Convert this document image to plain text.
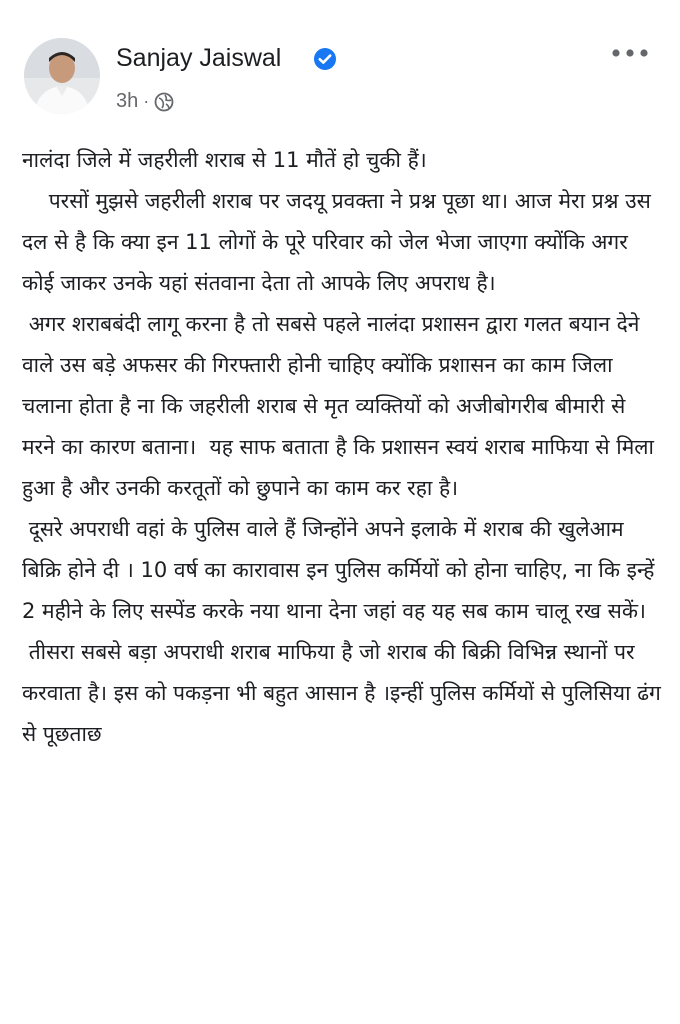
Sanjay Jaiswal
3h ·

नालंदा जिले में जहरीली शराब से 11 मौतें हो चुकी हैं।

परसों मुझसे जहरीली शराब पर जदयू प्रवक्ता ने प्रश्न पूछा था। आज मेरा प्रश्न उस दल से है कि क्या इन 11 लोगों के पूरे परिवार को जेल भेजा जाएगा क्योंकि अगर कोई जाकर उनके यहां संतवाना देता तो आपके लिए अपराध है।

अगर शराबबंदी लागू करना है तो सबसे पहले नालंदा प्रशासन द्वारा गलत बयान देने वाले उस बड़े अफसर की गिरफ्तारी होनी चाहिए क्योंकि प्रशासन का काम जिला चलाना होता है ना कि जहरीली शराब से मृत व्यक्तियों को अजीबोगरीब बीमारी से मरने का कारण बताना।  यह साफ बताता है कि प्रशासन स्वयं शराब माफिया से मिला हुआ है और उनकी करतूतों को छुपाने का काम कर रहा है।

दूसरे अपराधी वहां के पुलिस वाले हैं जिन्होंने अपने इलाके में शराब की खुलेआम बिक्रि होने दी । 10 वर्ष का कारावास इन पुलिस कर्मियों को होना चाहिए, ना कि इन्हें 2 महीने के लिए सस्पेंड करके नया थाना देना जहां वह यह सब काम चालू रख सकें।

तीसरा सबसे बड़ा अपराधी शराब माफिया है जो शराब की बिक्री विभिन्न स्थानों पर करवाता है। इस को पकड़ना भी बहुत आसान है ।इन्हीं पुलिस कर्मियों से पुलिसिया ढंग से पूछताछ
